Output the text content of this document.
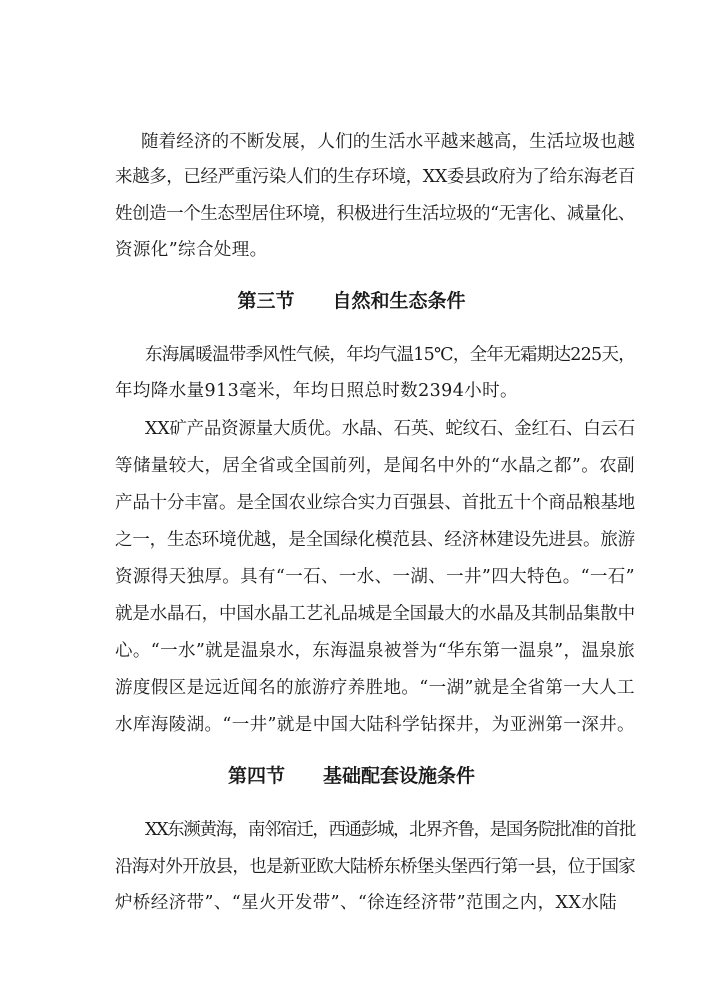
随着经济的不断发展，人们的生活水平越来越高，生活垃圾也越
来越多，已经严重污染人们的生存环境，XX委县政府为了给东海老百
姓创造一个生态型居住环境，积极进行生活垃圾的“无害化、减量化、
资源化”综合处理。
第三节 自然和生态条件
东海属暖温带季风性气候，年均气温15℃，全年无霜期达225天，
年均降水量913毫米，年均日照总时数2394小时。
XX矿产品资源量大质优。水晶、石英、蛇纹石、金红石、白云石
等储量较大，居全省或全国前列，是闻名中外的“水晶之都”。农副
产品十分丰富。是全国农业综合实力百强县、首批五十个商品粮基地
之一，生态环境优越，是全国绿化模范县、经济林建设先进县。旅游
资源得天独厚。具有“一石、一水、一湖、一井”四大特色。“一石”
就是水晶石，中国水晶工艺礼品城是全国最大的水晶及其制品集散中
心。“一水”就是温泉水，东海温泉被誉为“华东第一温泉”，温泉旅
游度假区是远近闻名的旅游疗养胜地。“一湖”就是全省第一大人工
水库海陵湖。“一井”就是中国大陆科学钻探井，为亚洲第一深井。
第四节 基础配套设施条件
XX东濒黄海，南邻宿迁，西通彭城，北界齐鲁，是国务院批准的首批
沿海对外开放县，也是新亚欧大陆桥东桥堡头堡西行第一县，位于国家
炉桥经济带”、“星火开发带”、“徐连经济带”范围之内，XX水陆
